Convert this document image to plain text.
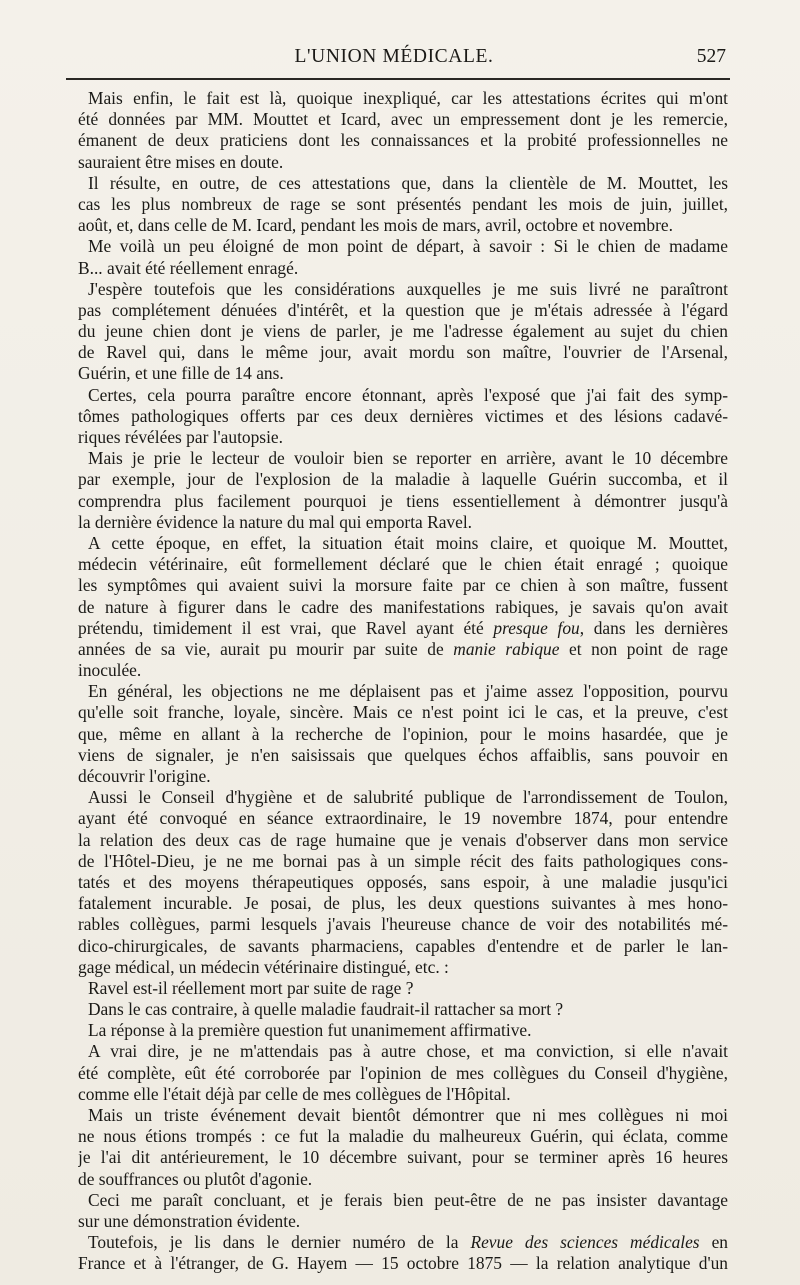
L'UNION MÉDICALE.	527
Mais enfin, le fait est là, quoique inexpliqué, car les attestations écrites qui m'ont
été données par MM. Mouttet et Icard, avec un empressement dont je les remercie,
émanent de deux praticiens dont les connaissances et la probité professionnelles ne
sauraient être mises en doute.
Il résulte, en outre, de ces attestations que, dans la clientèle de M. Mouttet, les
cas les plus nombreux de rage se sont présentés pendant les mois de juin, juillet,
août, et, dans celle de M. Icard, pendant les mois de mars, avril, octobre et novembre.
Me voilà un peu éloigné de mon point de départ, à savoir : Si le chien de madame
B... avait été réellement enragé.
J'espère toutefois que les considérations auxquelles je me suis livré ne paraîtront
pas complétement dénuées d'intérêt, et la question que je m'étais adressée à l'égard
du jeune chien dont je viens de parler, je me l'adresse également au sujet du chien
de Ravel qui, dans le même jour, avait mordu son maître, l'ouvrier de l'Arsenal,
Guérin, et une fille de 14 ans.
Certes, cela pourra paraître encore étonnant, après l'exposé que j'ai fait des symp-
tômes pathologiques offerts par ces deux dernières victimes et des lésions cadavé-
riques révélées par l'autopsie.
Mais je prie le lecteur de vouloir bien se reporter en arrière, avant le 10 décembre
par exemple, jour de l'explosion de la maladie à laquelle Guérin succomba, et il
comprendra plus facilement pourquoi je tiens essentiellement à démontrer jusqu'à
la dernière évidence la nature du mal qui emporta Ravel.
A cette époque, en effet, la situation était moins claire, et quoique M. Mouttet,
médecin vétérinaire, eût formellement déclaré que le chien était enragé ; quoique
les symptômes qui avaient suivi la morsure faite par ce chien à son maître, fussent
de nature à figurer dans le cadre des manifestations rabiques, je savais qu'on avait
prétendu, timidement il est vrai, que Ravel ayant été presque fou, dans les dernières
années de sa vie, aurait pu mourir par suite de manie rabique et non point de rage
inoculée.
En général, les objections ne me déplaisent pas et j'aime assez l'opposition, pourvu
qu'elle soit franche, loyale, sincère. Mais ce n'est point ici le cas, et la preuve, c'est
que, même en allant à la recherche de l'opinion, pour le moins hasardée, que je
viens de signaler, je n'en saisissais que quelques échos affaiblis, sans pouvoir en
découvrir l'origine.
Aussi le Conseil d'hygiène et de salubrité publique de l'arrondissement de Toulon,
ayant été convoqué en séance extraordinaire, le 19 novembre 1874, pour entendre
la relation des deux cas de rage humaine que je venais d'observer dans mon service
de l'Hôtel-Dieu, je ne me bornai pas à un simple récit des faits pathologiques cons-
tatés et des moyens thérapeutiques opposés, sans espoir, à une maladie jusqu'ici
fatalement incurable. Je posai, de plus, les deux questions suivantes à mes hono-
rables collègues, parmi lesquels j'avais l'heureuse chance de voir des notabilités mé-
dico-chirurgicales, de savants pharmaciens, capables d'entendre et de parler le lan-
gage médical, un médecin vétérinaire distingué, etc. :
Ravel est-il réellement mort par suite de rage ?
Dans le cas contraire, à quelle maladie faudrait-il rattacher sa mort ?
La réponse à la première question fut unanimement affirmative.
A vrai dire, je ne m'attendais pas à autre chose, et ma conviction, si elle n'avait
été complète, eût été corroborée par l'opinion de mes collègues du Conseil d'hygiène,
comme elle l'était déjà par celle de mes collègues de l'Hôpital.
Mais un triste événement devait bientôt démontrer que ni mes collègues ni moi
ne nous étions trompés : ce fut la maladie du malheureux Guérin, qui éclata, comme
je l'ai dit antérieurement, le 10 décembre suivant, pour se terminer après 16 heures
de souffrances ou plutôt d'agonie.
Ceci me paraît concluant, et je ferais bien peut-être de ne pas insister davantage
sur une démonstration évidente.
Toutefois, je lis dans le dernier numéro de la Revue des sciences médicales en
France et à l'étranger, de G. Hayem — 15 octobre 1875 — la relation analytique d'un
